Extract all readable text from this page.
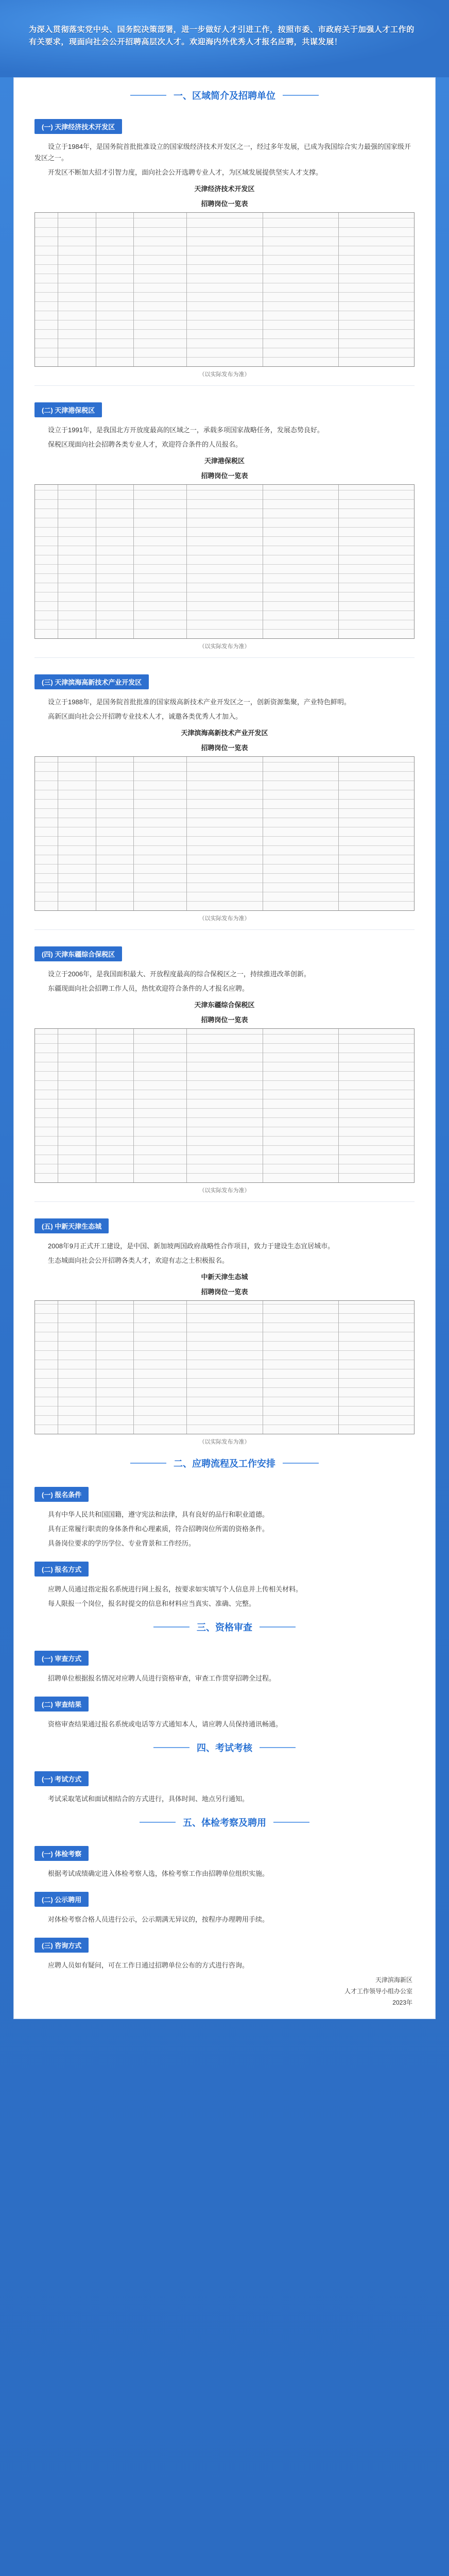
为深入贯彻落实党中央、国务院决策部署，进一步做好人才引进工作，按照市委、市政府关于加强人才工作的有关要求，现面向社会公开招聘高层次人才。欢迎海内外优秀人才报名应聘，共谋发展！
一、区域简介及招聘单位
(一) 天津经济技术开发区

设立于1984年，是国务院首批批准设立的国家级经济技术开发区之一，经过多年发展，已成为我国综合实力最强的国家级开发区之一。

开发区不断加大招才引智力度，面向社会公开选聘专业人才，为区域发展提供坚实人才支撑。

天津经济技术开发区
招聘岗位一览表
（以实际发布为准）
(二) 天津港保税区

设立于1991年，是我国北方开放度最高的区域之一，承载多项国家战略任务，发展态势良好。

保税区现面向社会招聘各类专业人才，欢迎符合条件的人员报名。

天津港保税区
招聘岗位一览表
（以实际发布为准）
(三) 天津滨海高新技术产业开发区

设立于1988年，是国务院首批批准的国家级高新技术产业开发区之一，创新资源集聚，产业特色鲜明。

高新区面向社会公开招聘专业技术人才，诚邀各类优秀人才加入。

天津滨海高新技术产业开发区
招聘岗位一览表
（以实际发布为准）
(四) 天津东疆综合保税区

设立于2006年，是我国面积最大、开放程度最高的综合保税区之一，持续推进改革创新。

东疆现面向社会招聘工作人员，热忱欢迎符合条件的人才报名应聘。

天津东疆综合保税区
招聘岗位一览表
（以实际发布为准）
(五) 中新天津生态城

2008年9月正式开工建设，是中国、新加坡两国政府战略性合作项目，致力于建设生态宜居城市。

生态城面向社会公开招聘各类人才，欢迎有志之士积极报名。

中新天津生态城
招聘岗位一览表
（以实际发布为准）
二、应聘流程及工作安排
(一) 报名条件

具有中华人民共和国国籍，遵守宪法和法律，具有良好的品行和职业道德。

具有正常履行职责的身体条件和心理素质，符合招聘岗位所需的资格条件。

具备岗位要求的学历学位、专业背景和工作经历。

(二) 报名方式

应聘人员通过指定报名系统进行网上报名，按要求如实填写个人信息并上传相关材料。

每人限报一个岗位，报名时提交的信息和材料应当真实、准确、完整。

三、资格审查
(一) 审查方式

招聘单位根据报名情况对应聘人员进行资格审查，审查工作贯穿招聘全过程。

(二) 审查结果

资格审查结果通过报名系统或电话等方式通知本人，请应聘人员保持通讯畅通。

四、考试考核
(一) 考试方式

考试采取笔试和面试相结合的方式进行，具体时间、地点另行通知。

五、体检考察及聘用
(一) 体检考察

根据考试成绩确定进入体检考察人选，体检考察工作由招聘单位组织实施。

(二) 公示聘用

对体检考察合格人员进行公示，公示期满无异议的，按程序办理聘用手续。

(三) 咨询方式

应聘人员如有疑问，可在工作日通过招聘单位公布的方式进行咨询。

天津滨海新区
人才工作领导小组办公室
2023年
